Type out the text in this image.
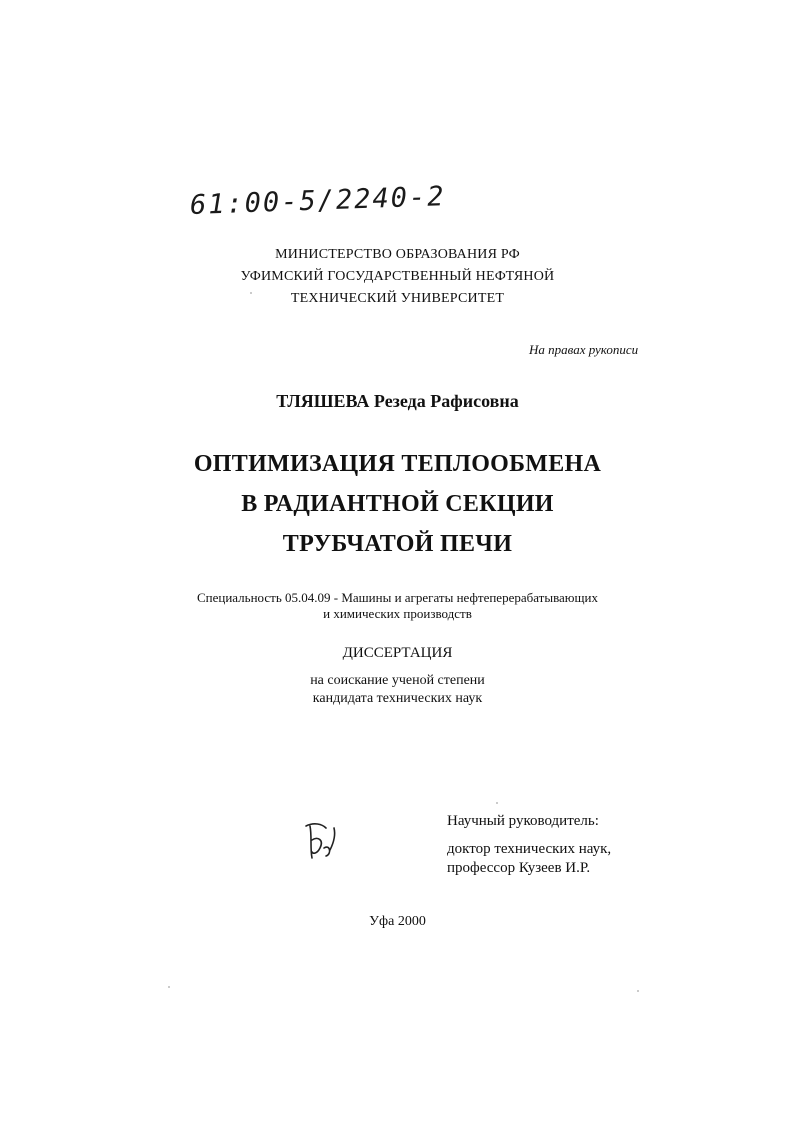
61:00-5/2240-2
МИНИСТЕРСТВО ОБРАЗОВАНИЯ РФ
УФИМСКИЙ ГОСУДАРСТВЕННЫЙ НЕФТЯНОЙ
ТЕХНИЧЕСКИЙ УНИВЕРСИТЕТ
На правах рукописи
ТЛЯШЕВА Резеда Рафисовна
ОПТИМИЗАЦИЯ ТЕПЛООБМЕНА
В РАДИАНТНОЙ СЕКЦИИ
ТРУБЧАТОЙ ПЕЧИ
Специальность 05.04.09 - Машины и агрегаты нефтеперерабатывающих
и химических производств
ДИССЕРТАЦИЯ
на соискание ученой степени
кандидата технических наук
Научный руководитель:
доктор технических наук,
профессор Кузеев И.Р.
Уфа 2000
